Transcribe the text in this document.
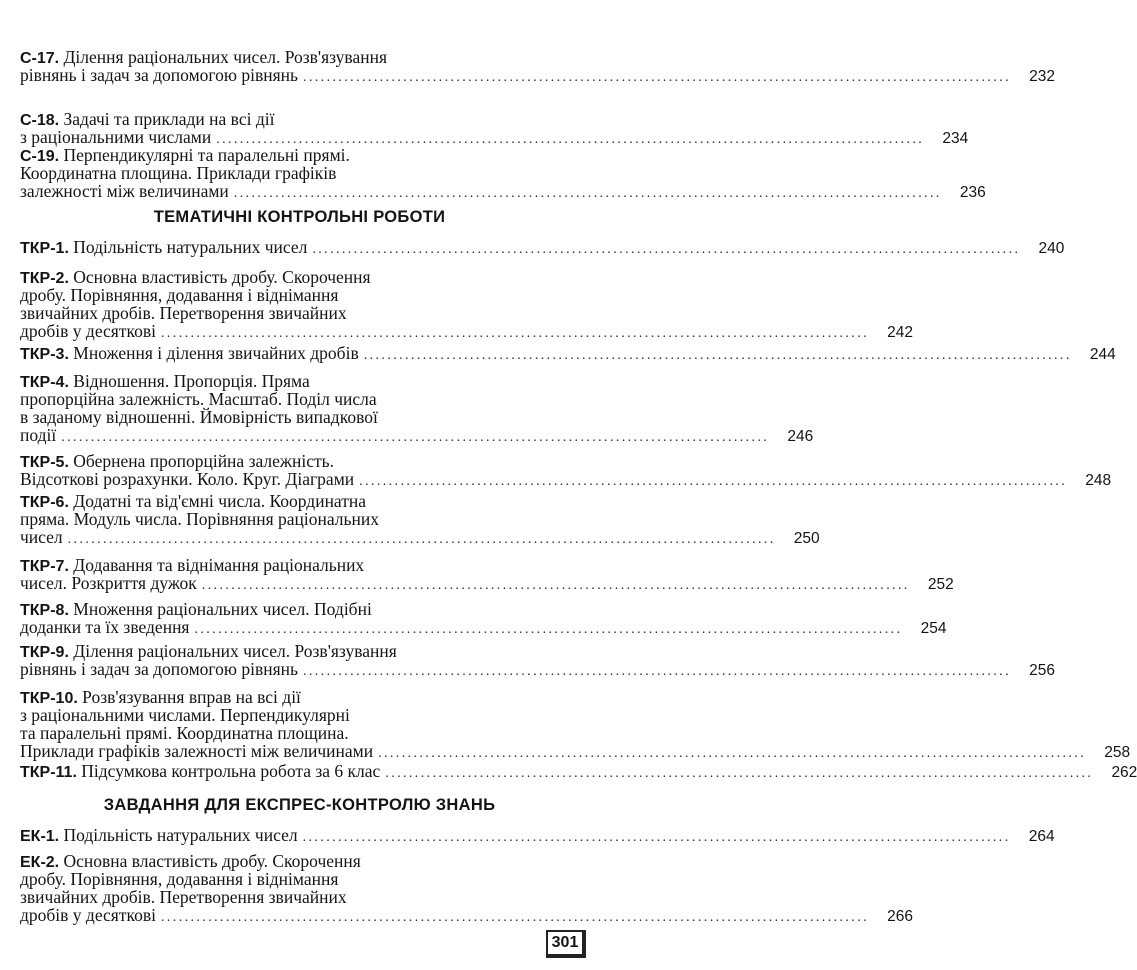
ТЕМАТИЧНІ КОНТРОЛЬНІ РОБОТИ
ЗАВДАННЯ ДЛЯ ЕКСПРЕС-КОНТРОЛЮ ЗНАНЬ
С-17. Ділення раціональних чисел. Розв'язування
рівнянь і задач за допомогою рівнянь ........................................................................................................................	232
С-18. Задачі та приклади на всі дії
з раціональними числами ........................................................................................................................	234
С-19. Перпендикулярні та паралельні прямі.
Координатна площина. Приклади графіків
залежності між величинами ........................................................................................................................	236
ТКР-1. Подільність натуральних чисел ........................................................................................................................	240
ТКР-2. Основна властивість дробу. Скорочення
дробу. Порівняння, додавання і віднімання
звичайних дробів. Перетворення звичайних
дробів у десяткові ........................................................................................................................	242
ТКР-3. Множення і ділення звичайних дробів ........................................................................................................................	244
ТКР-4. Відношення. Пропорція. Пряма
пропорційна залежність. Масштаб. Поділ числа
в заданому відношенні. Ймовірність випадкової
події ........................................................................................................................	246
ТКР-5. Обернена пропорційна залежність.
Відсоткові розрахунки. Коло. Круг. Діаграми ........................................................................................................................	248
ТКР-6. Додатні та від'ємні числа. Координатна
пряма. Модуль числа. Порівняння раціональних
чисел ........................................................................................................................	250
ТКР-7. Додавання та віднімання раціональних
чисел. Розкриття дужок ........................................................................................................................	252
ТКР-8. Множення раціональних чисел. Подібні
доданки та їх зведення ........................................................................................................................	254
ТКР-9. Ділення раціональних чисел. Розв'язування
рівнянь і задач за допомогою рівнянь ........................................................................................................................	256
ТКР-10. Розв'язування вправ на всі дії
з раціональними числами. Перпендикулярні
та паралельні прямі. Координатна площина.
Приклади графіків залежності між величинами ........................................................................................................................	258
ТКР-11. Підсумкова контрольна робота за 6 клас ........................................................................................................................	262
ЕК-1. Подільність натуральних чисел ........................................................................................................................	264
ЕК-2. Основна властивість дробу. Скорочення
дробу. Порівняння, додавання і віднімання
звичайних дробів. Перетворення звичайних
дробів у десяткові ........................................................................................................................	266
301
